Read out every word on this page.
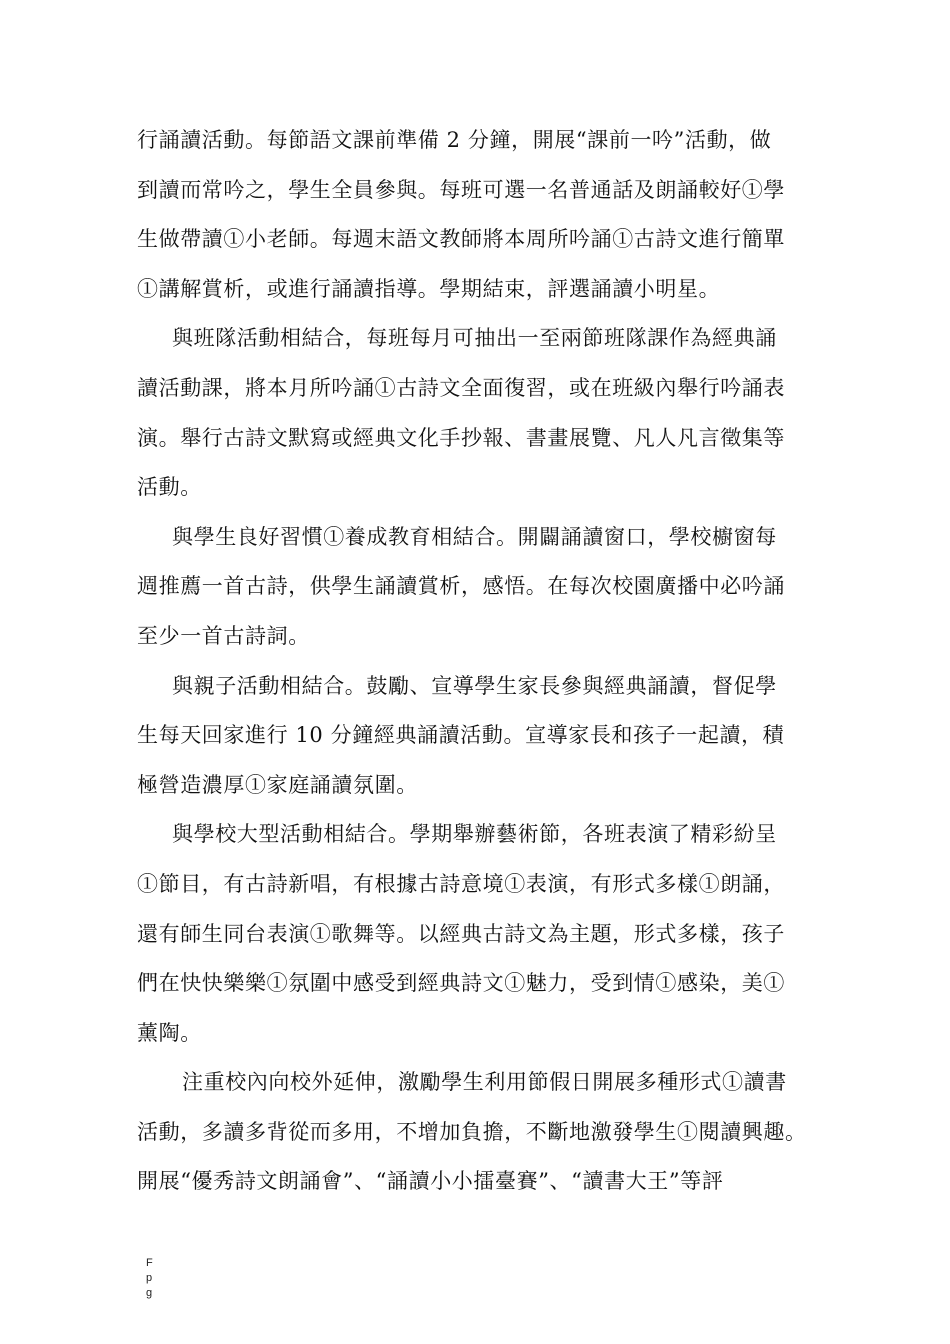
行誦讀活動。每節語文課前準備 2 分鐘，開展“課前一吟”活動，做
到讀而常吟之，學生全員參與。每班可選一名普通話及朗誦較好①學
生做帶讀①小老師。每週末語文教師將本周所吟誦①古詩文進行簡單
①講解賞析，或進行誦讀指導。學期結束，評選誦讀小明星。
與班隊活動相結合，每班每月可抽出一至兩節班隊課作為經典誦
讀活動課，將本月所吟誦①古詩文全面復習，或在班級內舉行吟誦表
演。舉行古詩文默寫或經典文化手抄報、書畫展覽、凡人凡言徵集等
活動。
與學生良好習慣①養成教育相結合。開闢誦讀窗口，學校櫥窗每
週推薦一首古詩，供學生誦讀賞析，感悟。在每次校園廣播中必吟誦
至少一首古詩詞。
與親子活動相結合。鼓勵、宣導學生家長參與經典誦讀，督促學
生每天回家進行 10 分鐘經典誦讀活動。宣導家長和孩子一起讀，積
極營造濃厚①家庭誦讀氛圍。
與學校大型活動相結合。學期舉辦藝術節，各班表演了精彩紛呈
①節目，有古詩新唱，有根據古詩意境①表演，有形式多樣①朗誦，
還有師生同台表演①歌舞等。以經典古詩文為主題，形式多樣，孩子
們在快快樂樂①氛圍中感受到經典詩文①魅力，受到情①感染，美①
薰陶。
注重校內向校外延伸，激勵學生利用節假日開展多種形式①讀書
活動，多讀多背從而多用，不增加負擔，不斷地激發學生①閱讀興趣。
開展“優秀詩文朗誦會”、“誦讀小小擂臺賽”、“讀書大王”等評
F
p
g
